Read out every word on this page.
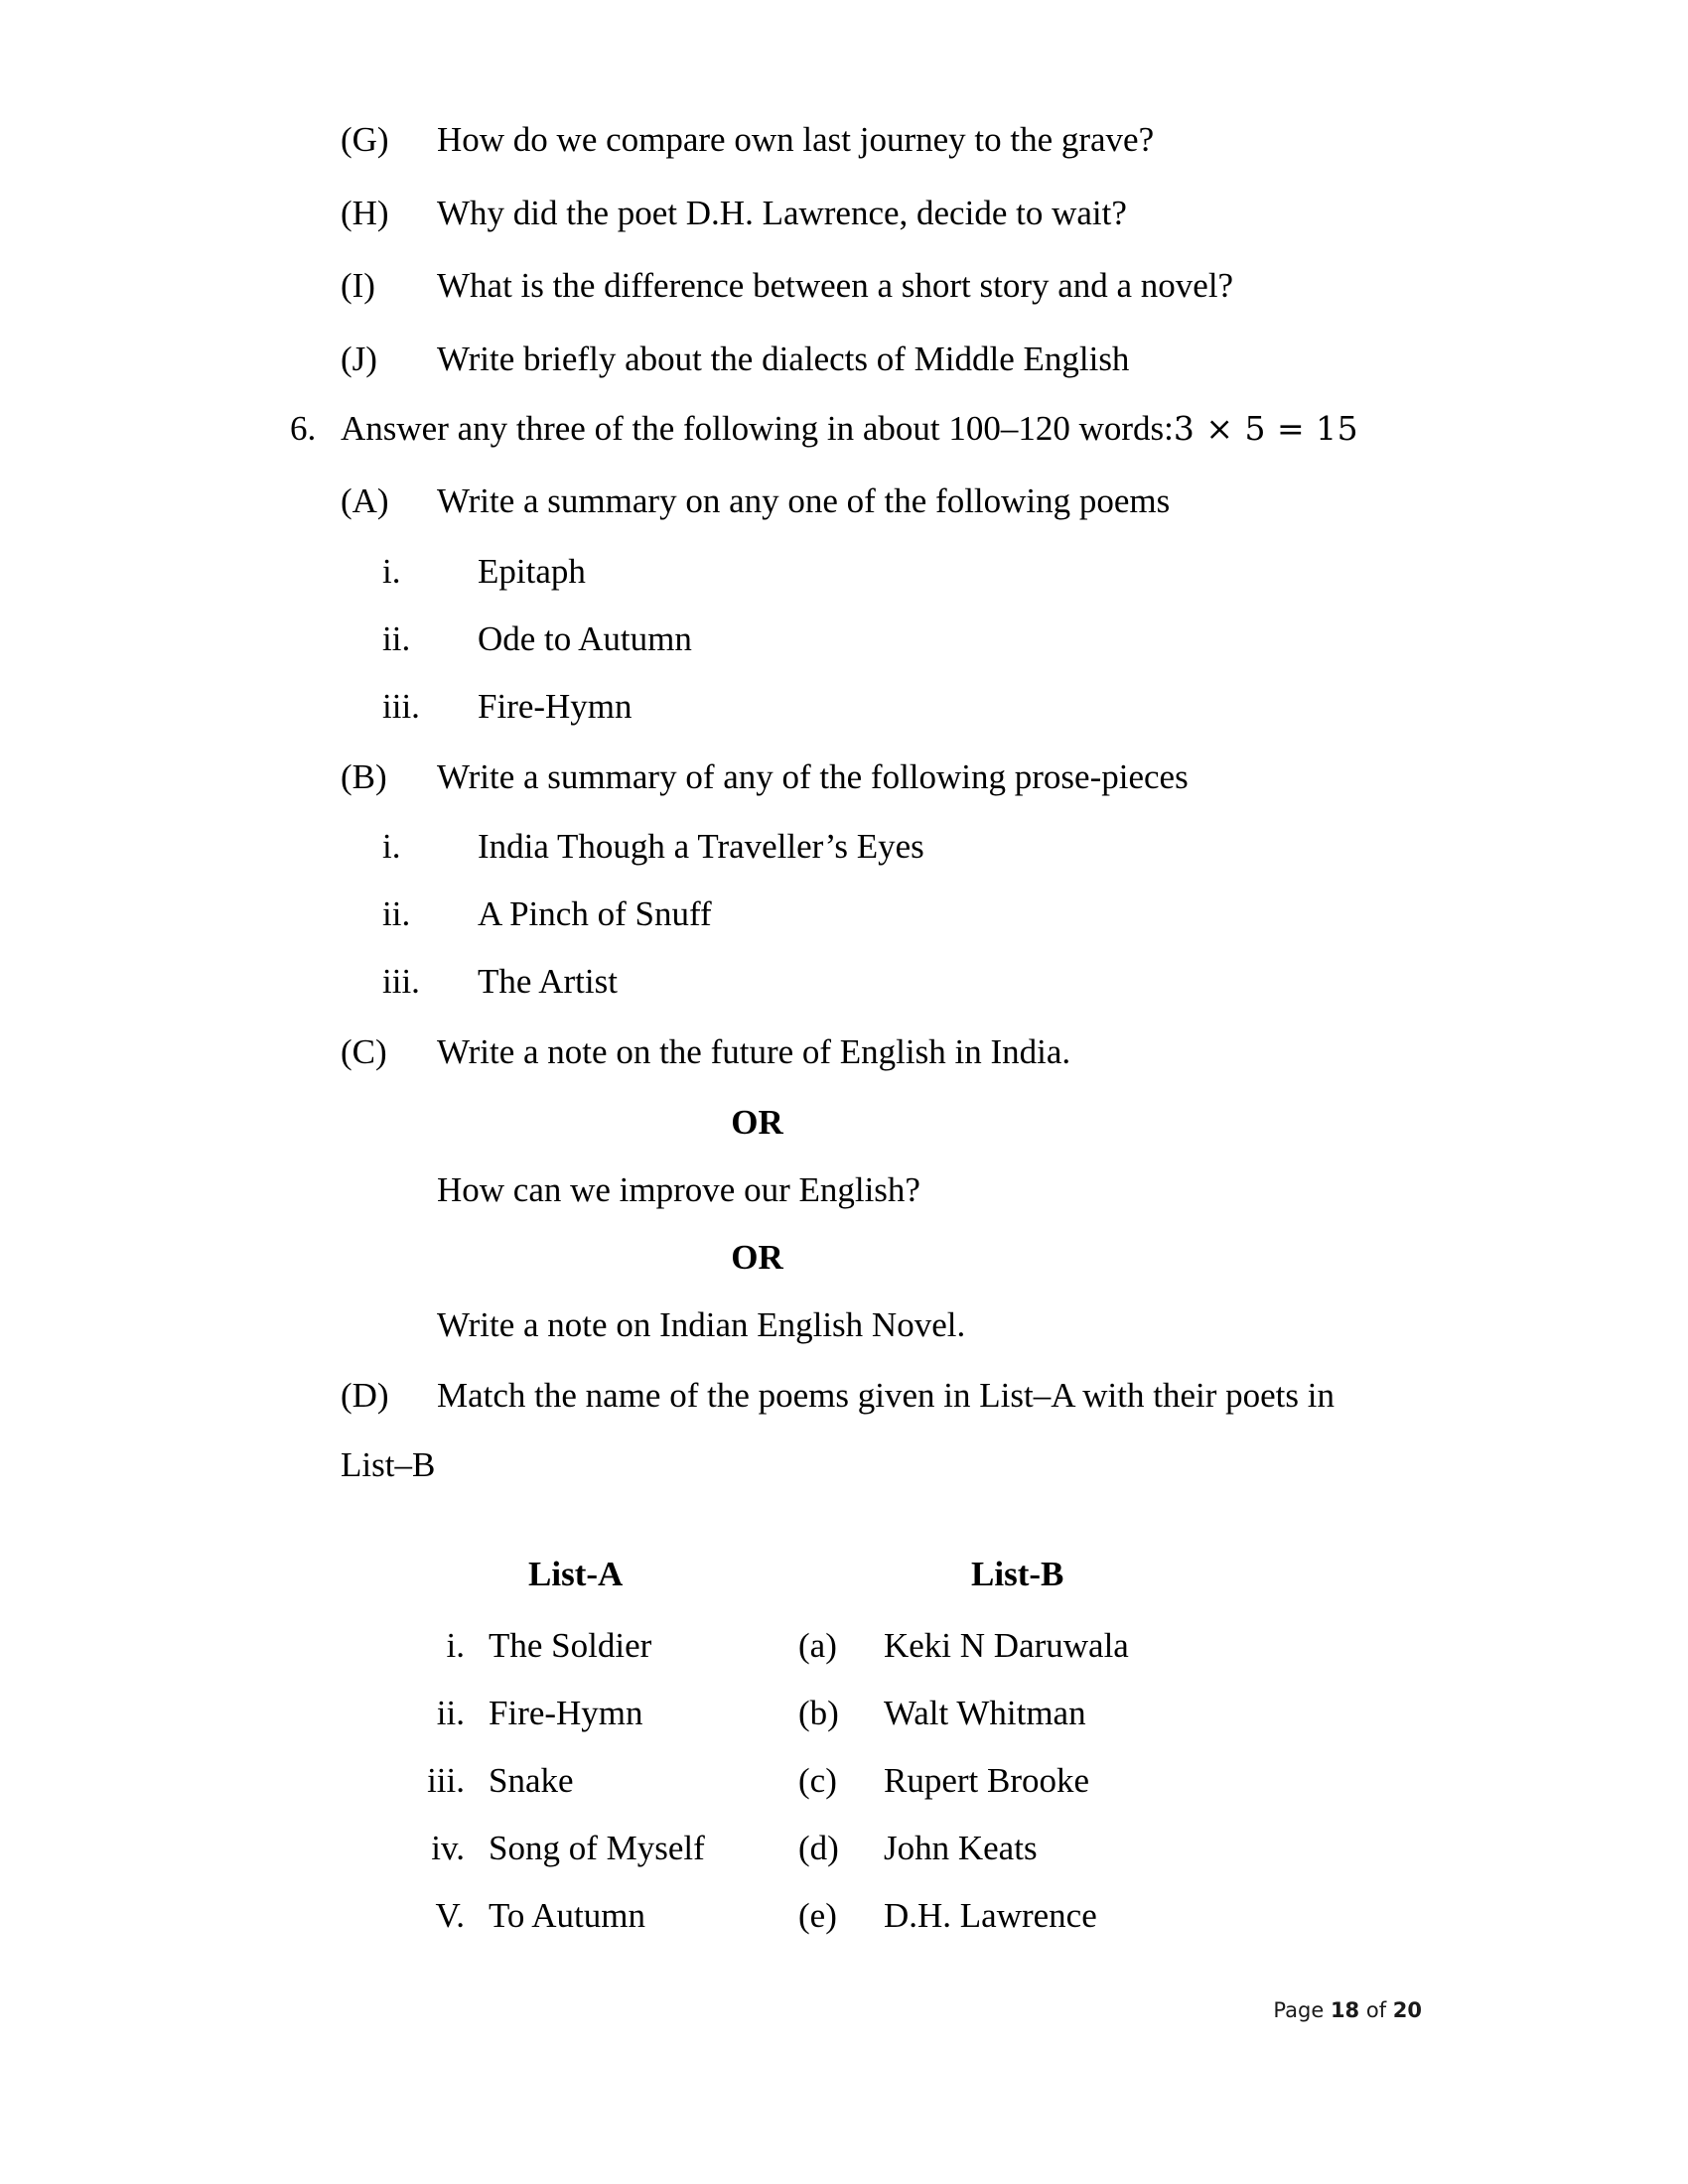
(G)	How do we compare own last journey to the grave?
(H)	Why did the poet D.H. Lawrence, decide to wait?
(I)	What is the difference between a short story and a novel?
(J)	Write briefly about the dialects of Middle English
6. Answer any three of the following in about 100–120 words:3 × 5 = 15
(A)	Write a summary on any one of the following poems
i.	Epitaph
ii.	Ode to Autumn
iii.	Fire-Hymn
(B)	Write a summary of any of the following prose-pieces
i.	India Though a Traveller’s Eyes
ii.	A Pinch of Snuff
iii.	The Artist
(C)	Write a note on the future of English in India.
OR
How can we improve our English?
OR
Write a note on Indian English Novel.
(D)	Match the name of the poems given in List–A with their poets in
List–B
List-A	List-B
i. The Soldier	(a)	Keki N Daruwala
ii. Fire-Hymn	(b)	Walt Whitman
iii. Snake	(c)	Rupert Brooke
iv. Song of Myself	(d)	John Keats
V. To Autumn	(e)	D.H. Lawrence
Page 18 of 20
